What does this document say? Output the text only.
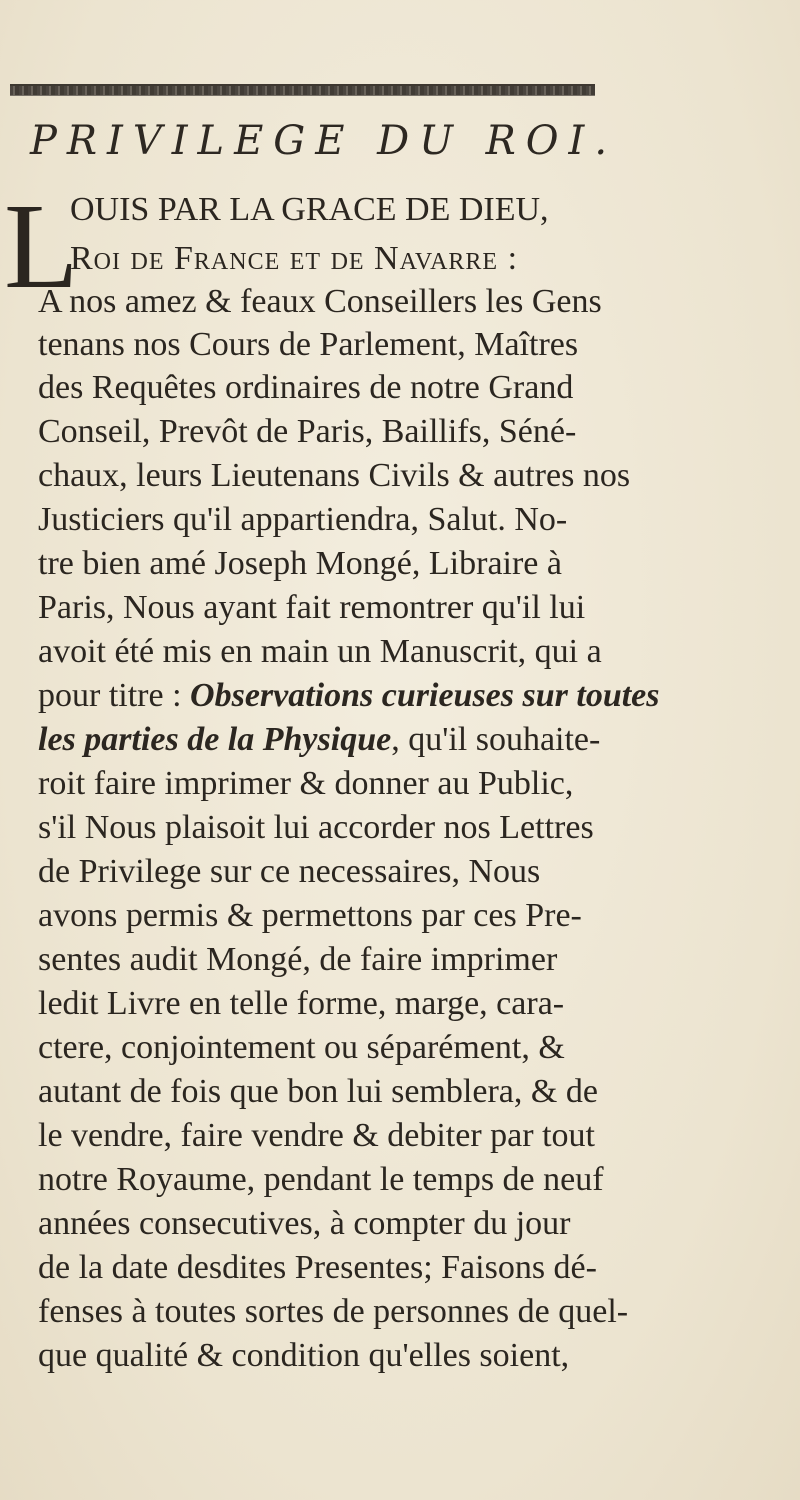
PRIVILEGE DU ROI.
L
OUIS PAR LA GRACE DE DIEU,
Roi de France et de Navarre :
A nos amez & feaux Conseillers les Gens
tenans nos Cours de Parlement, Maîtres
des Requêtes ordinaires de notre Grand
Conseil, Prevôt de Paris, Baillifs, Séné-
chaux, leurs Lieutenans Civils & autres nos
Justiciers qu'il appartiendra, Salut. No-
tre bien amé Joseph Mongé, Libraire à
Paris, Nous ayant fait remontrer qu'il lui
avoit été mis en main un Manuscrit, qui a
pour titre : Observations curieuses sur toutes
les parties de la Physique, qu'il souhaite-
roit faire imprimer & donner au Public,
s'il Nous plaisoit lui accorder nos Lettres
de Privilege sur ce necessaires, Nous
avons permis & permettons par ces Pre-
sentes audit Mongé, de faire imprimer
ledit Livre en telle forme, marge, cara-
ctere, conjointement ou séparément, &
autant de fois que bon lui semblera, & de
le vendre, faire vendre & debiter par tout
notre Royaume, pendant le temps de neuf
années consecutives, à compter du jour
de la date desdites Presentes; Faisons dé-
fenses à toutes sortes de personnes de quel-
que qualité & condition qu'elles soient,
